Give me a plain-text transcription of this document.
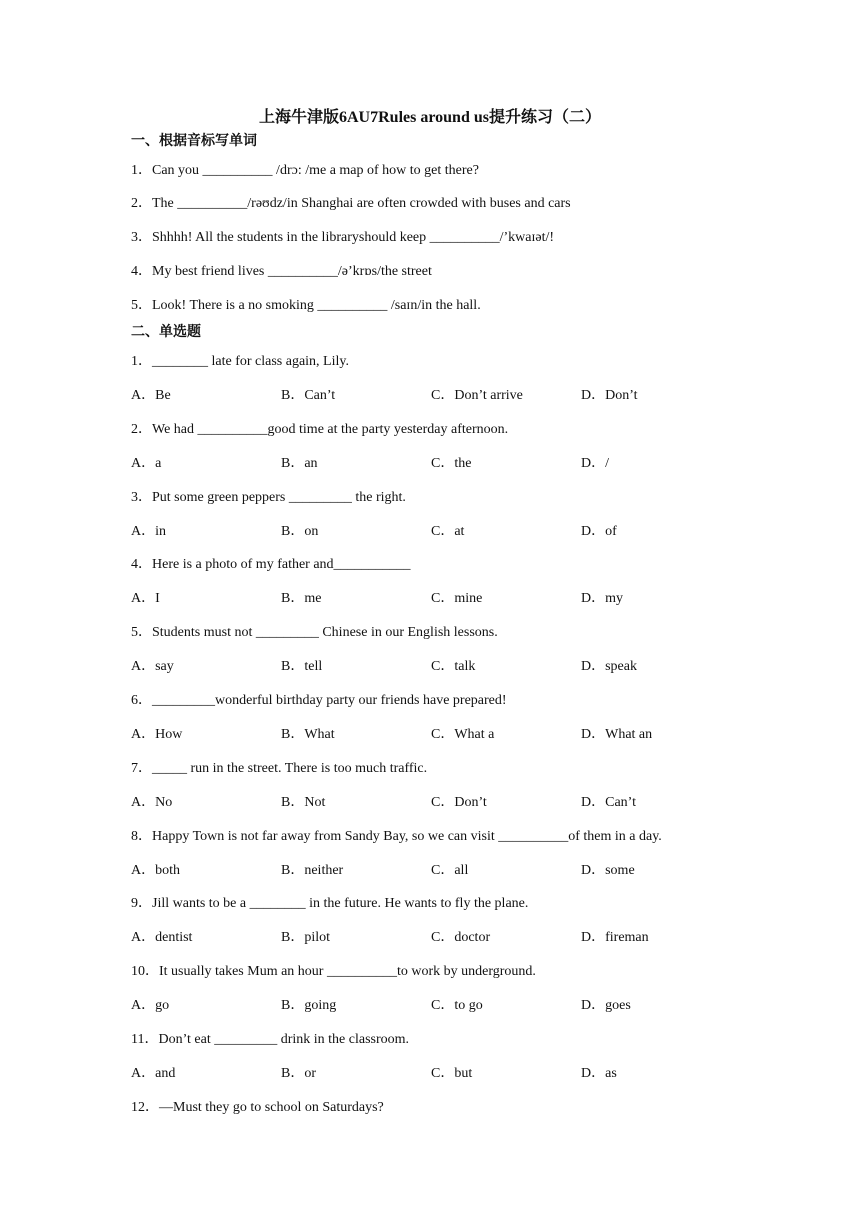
上海牛津版6AU7Rules around us提升练习（二）
一、根据音标写单词
1．Can you __________ /drɔ: /me a map of how to get there?
2．The __________/rəʊdz/in Shanghai are often crowded with buses and cars
3．Shhhh! All the students in the libraryshould keep __________/’kwaɪət/!
4．My best friend lives __________/ə’krɒs/the street
5．Look! There is a no smoking __________ /saɪn/in the hall.
二、单选题
1．________ late for class again, Lily.
A．Be	B．Can’t	C．Don’t arrive	D．Don’t
2．We had __________good time at the party yesterday afternoon.
A．a	B．an	C．the	D．/
3．Put some green peppers _________ the right.
A．in	B．on	C．at	D．of
4．Here is a photo of my father and___________
A．I	B．me	C．mine	D．my
5．Students must not _________ Chinese in our English lessons.
A．say	B．tell	C．talk	D．speak
6．_________wonderful birthday party our friends have prepared!
A．How	B．What	C．What a	D．What an
7．_____ run in the street. There is too much traffic.
A．No	B．Not	C．Don’t	D．Can’t
8．Happy Town is not far away from Sandy Bay, so we can visit __________of them in a day.
A．both	B．neither	C．all	D．some
9．Jill wants to be a ________ in the future. He wants to fly the plane.
A．dentist	B．pilot	C．doctor	D．fireman
10．It usually takes Mum an hour __________to work by underground.
A．go	B．going	C．to go	D．goes
11．Don’t eat _________ drink in the classroom.
A．and	B．or	C．but	D．as
12．—Must they go to school on Saturdays?
